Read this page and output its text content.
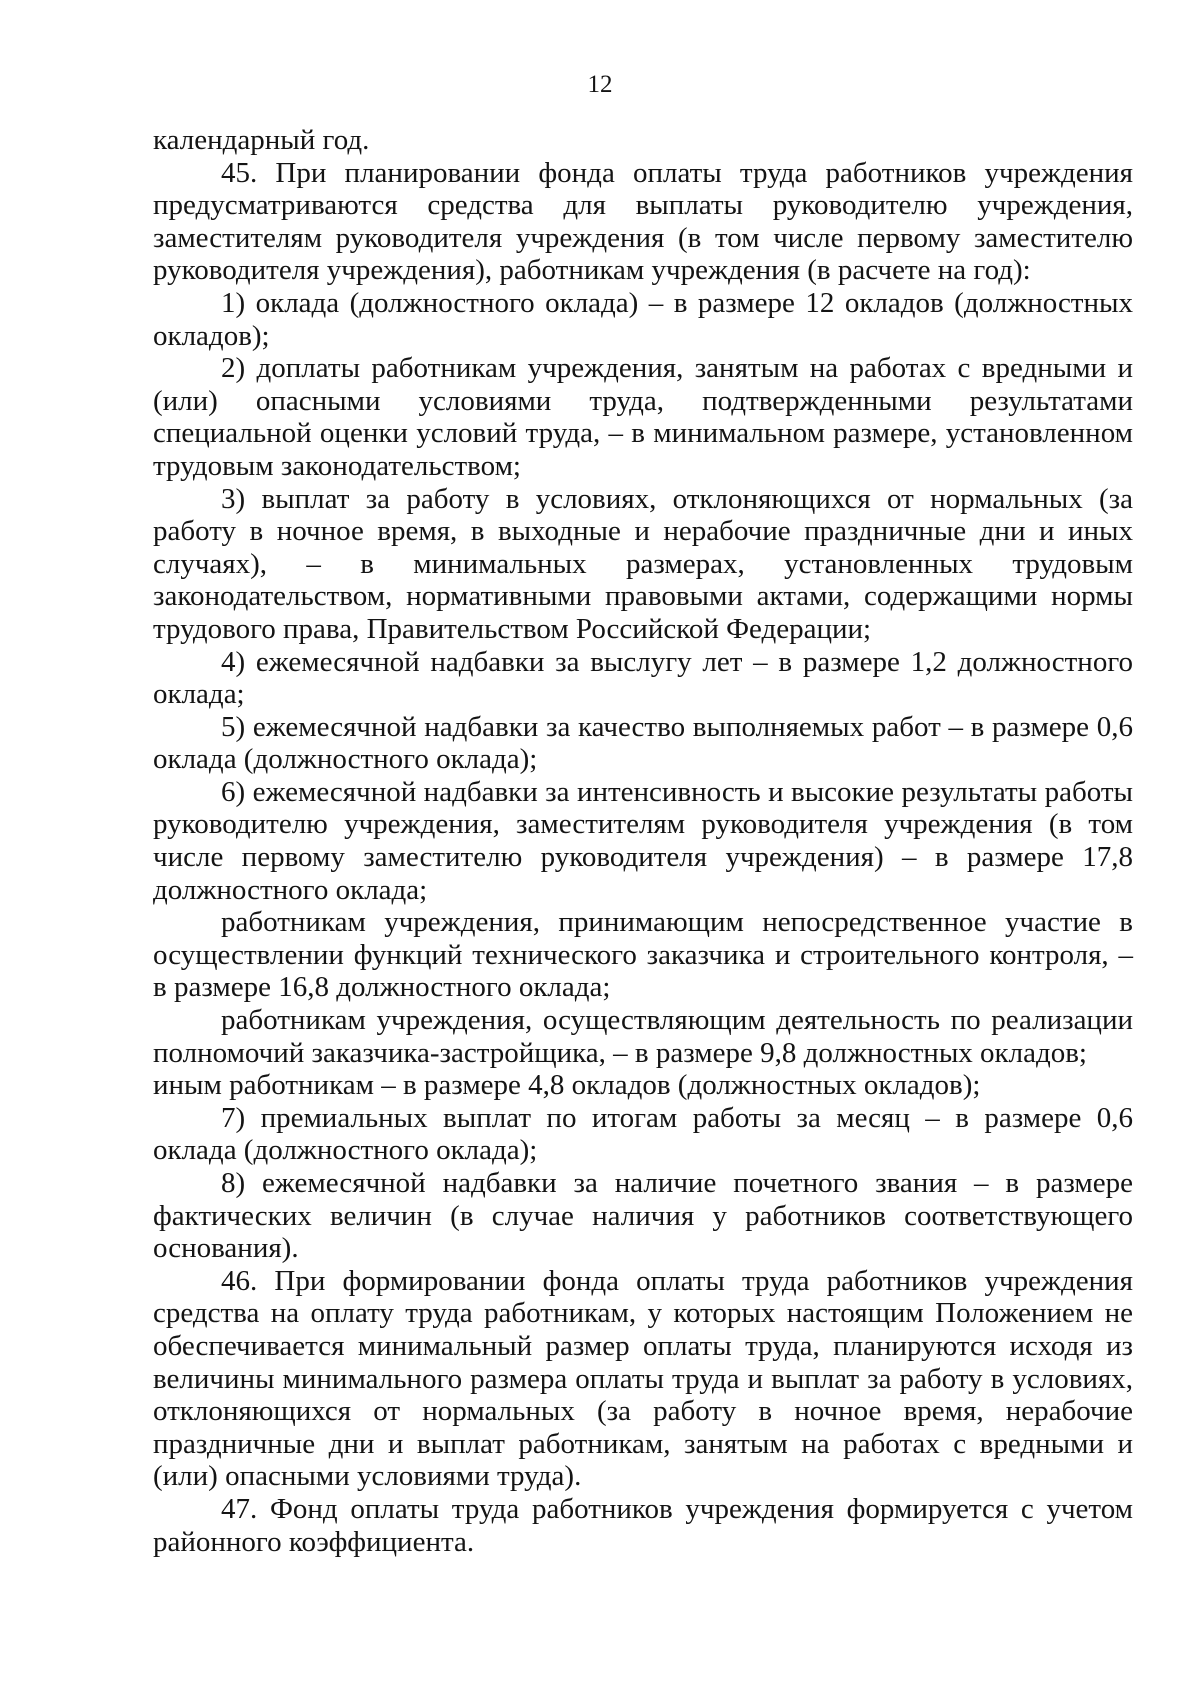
12

календарный год.

45. При планировании фонда оплаты труда работников учреждения предусматриваются средства для выплаты руководителю учреждения, заместителям руководителя учреждения (в том числе первому заместителю руководителя учреждения), работникам учреждения (в расчете на год):

1) оклада (должностного оклада) – в размере 12 окладов (должностных окладов);

2) доплаты работникам учреждения, занятым на работах с вредными и (или) опасными условиями труда, подтвержденными результатами специальной оценки условий труда, – в минимальном размере, установленном трудовым законодательством;

3) выплат за работу в условиях, отклоняющихся от нормальных (за работу в ночное время, в выходные и нерабочие праздничные дни и иных случаях), – в минимальных размерах, установленных трудовым законодательством, нормативными правовыми актами, содержащими нормы трудового права, Правительством Российской Федерации;

4) ежемесячной надбавки за выслугу лет – в размере 1,2 должностного оклада;

5) ежемесячной надбавки за качество выполняемых работ – в размере 0,6 оклада (должностного оклада);

6) ежемесячной надбавки за интенсивность и высокие результаты работы руководителю учреждения, заместителям руководителя учреждения (в том числе первому заместителю руководителя учреждения) – в размере 17,8 должностного оклада;

работникам учреждения, принимающим непосредственное участие в осуществлении функций технического заказчика и строительного контроля, – в размере 16,8 должностного оклада;

работникам учреждения, осуществляющим деятельность по реализации полномочий заказчика-застройщика, – в размере 9,8 должностных окладов;

иным работникам – в размере 4,8 окладов (должностных окладов);

7) премиальных выплат по итогам работы за месяц – в размере 0,6 оклада (должностного оклада);

8) ежемесячной надбавки за наличие почетного звания – в размере фактических величин (в случае наличия у работников соответствующего основания).

46. При формировании фонда оплаты труда работников учреждения средства на оплату труда работникам, у которых настоящим Положением не обеспечивается минимальный размер оплаты труда, планируются исходя из величины минимального размера оплаты труда и выплат за работу в условиях, отклоняющихся от нормальных (за работу в ночное время, нерабочие праздничные дни и выплат работникам, занятым на работах с вредными и (или) опасными условиями труда).

47. Фонд оплаты труда работников учреждения формируется с учетом районного коэффициента.
